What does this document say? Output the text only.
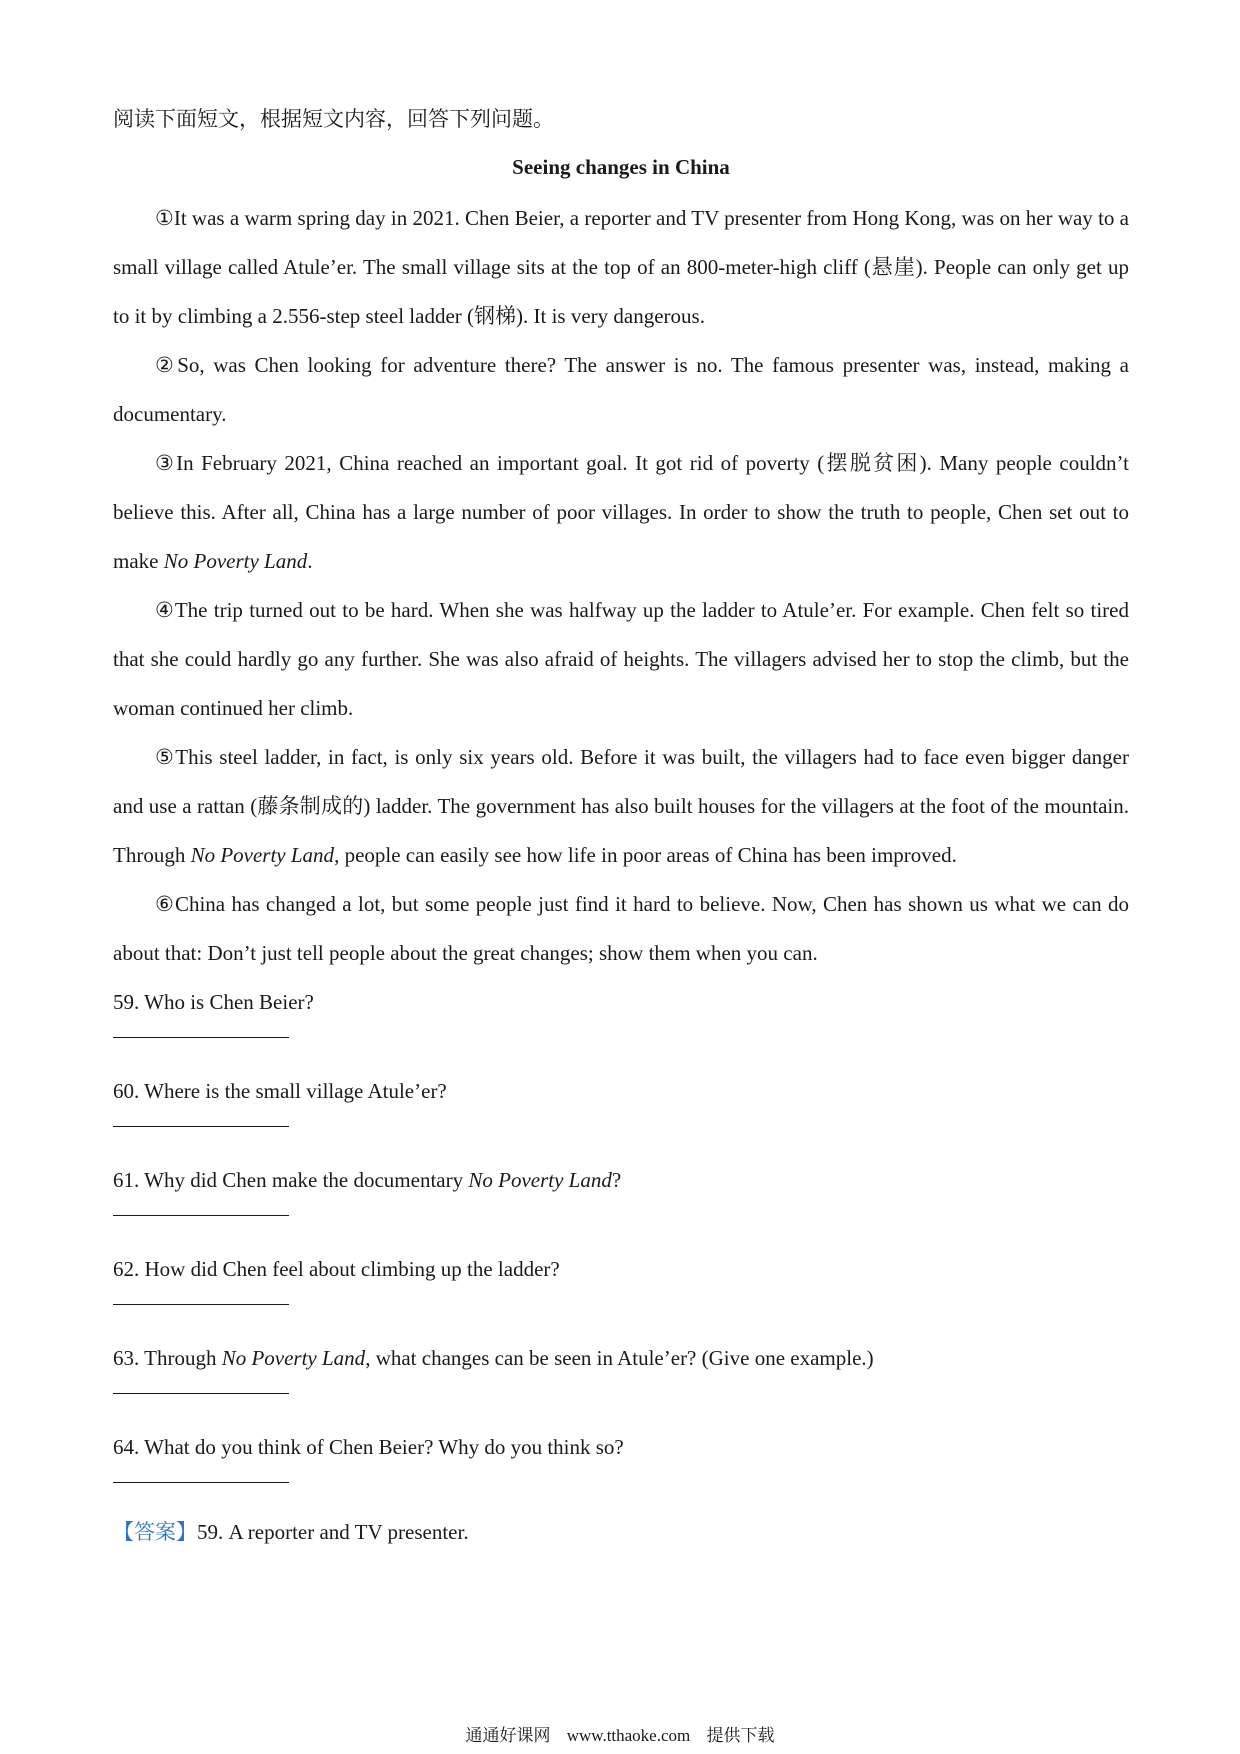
阅读下面短文，根据短文内容，回答下列问题。

Seeing changes in China

①It was a warm spring day in 2021. Chen Beier, a reporter and TV presenter from Hong Kong, was on her way to a small village called Atule’er. The small village sits at the top of an 800-meter-high cliff (悬崖). People can only get up to it by climbing a 2.556-step steel ladder (钢梯). It is very dangerous.

②So, was Chen looking for adventure there? The answer is no. The famous presenter was, instead, making a documentary.

③In February 2021, China reached an important goal. It got rid of poverty (摆脱贫困). Many people couldn’t believe this. After all, China has a large number of poor villages. In order to show the truth to people, Chen set out to make No Poverty Land.

④The trip turned out to be hard. When she was halfway up the ladder to Atule’er. For example. Chen felt so tired that she could hardly go any further. She was also afraid of heights. The villagers advised her to stop the climb, but the woman continued her climb.

⑤This steel ladder, in fact, is only six years old. Before it was built, the villagers had to face even bigger danger and use a rattan (藤条制成的) ladder. The government has also built houses for the villagers at the foot of the mountain. Through No Poverty Land, people can easily see how life in poor areas of China has been improved.

⑥China has changed a lot, but some people just find it hard to believe. Now, Chen has shown us what we can do about that: Don’t just tell people about the great changes; show them when you can.

59. Who is Chen Beier?

60. Where is the small village Atule’er?

61. Why did Chen make the documentary No Poverty Land?

62. How did Chen feel about climbing up the ladder?

63. Through No Poverty Land, what changes can be seen in Atule’er? (Give one example.)

64. What do you think of Chen Beier? Why do you think so?

【答案】59. A reporter and TV presenter.
通通好课网 www.tthaoke.com 提供下载
